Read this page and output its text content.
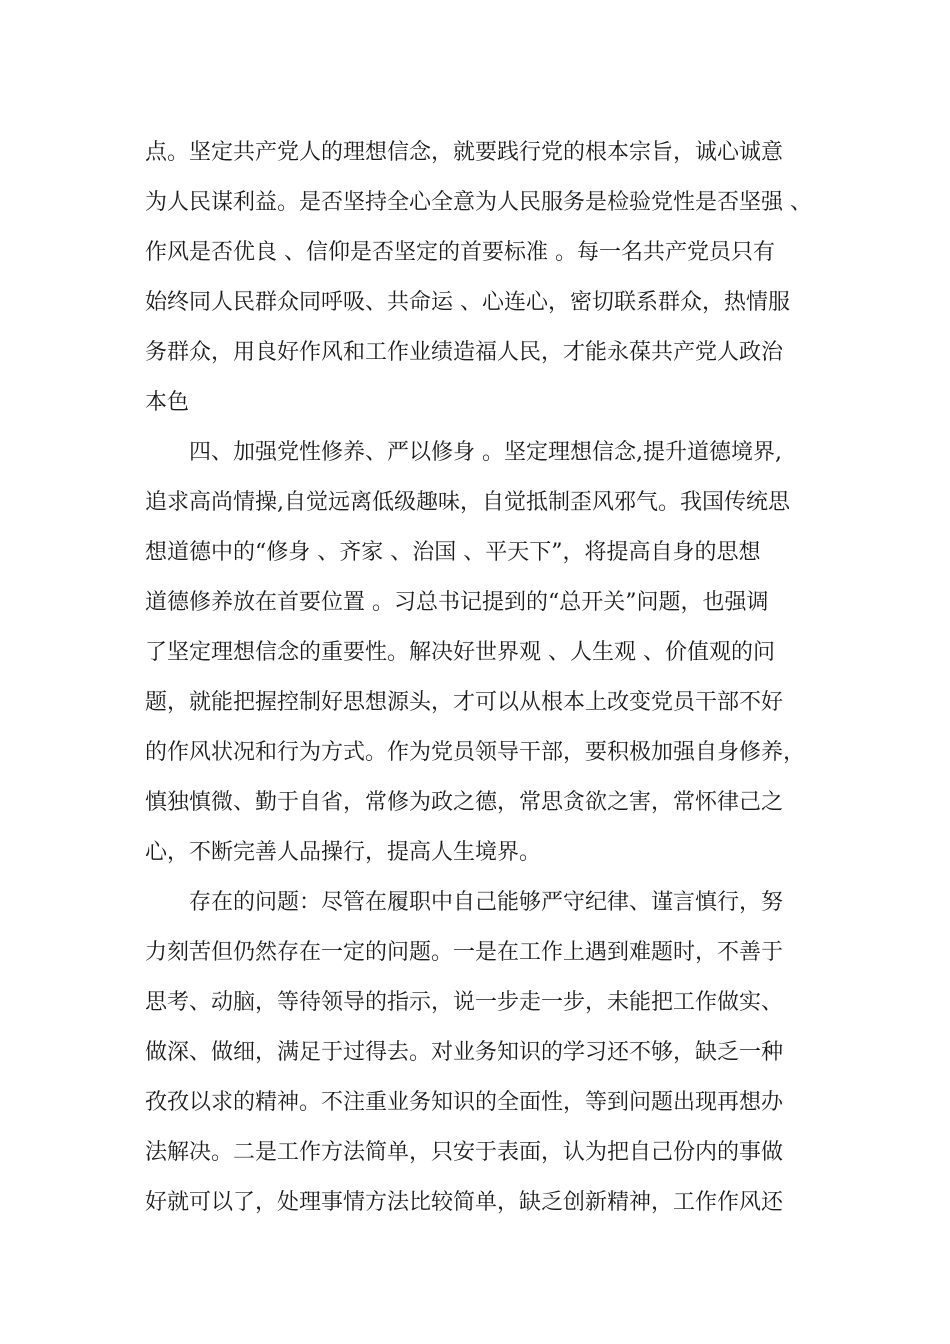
点。坚定共产党人的理想信念，就要践行党的根本宗旨，诚心诚意
为人民谋利益。是否坚持全心全意为人民服务是检验党性是否坚强 、
作风是否优良 、信仰是否坚定的首要标准 。每一名共产党员只有
始终同人民群众同呼吸、共命运 、心连心，密切联系群众，热情服
务群众，用良好作风和工作业绩造福人民，才能永葆共产党人政治
本色
四、加强党性修养、严以修身 。坚定理想信念,提升道德境界,
追求高尚情操,自觉远离低级趣味，自觉抵制歪风邪气。我国传统思
想道德中的“修身 、齐家 、治国 、平天下”，将提高自身的思想
道德修养放在首要位置 。习总书记提到的“总开关”问题，也强调
了坚定理想信念的重要性。解决好世界观 、人生观 、价值观的问
题，就能把握控制好思想源头，才可以从根本上改变党员干部不好
的作风状况和行为方式。作为党员领导干部，要积极加强自身修养，
慎独慎微、勤于自省，常修为政之德，常思贪欲之害，常怀律己之
心，不断完善人品操行，提高人生境界。
存在的问题：尽管在履职中自己能够严守纪律、谨言慎行，努
力刻苦但仍然存在一定的问题。一是在工作上遇到难题时，不善于
思考、动脑，等待领导的指示，说一步走一步，未能把工作做实、
做深、做细，满足于过得去。对业务知识的学习还不够，缺乏一种
孜孜以求的精神。不注重业务知识的全面性，等到问题出现再想办
法解决。二是工作方法简单，只安于表面，认为把自己份内的事做
好就可以了，处理事情方法比较简单，缺乏创新精神，工作作风还
